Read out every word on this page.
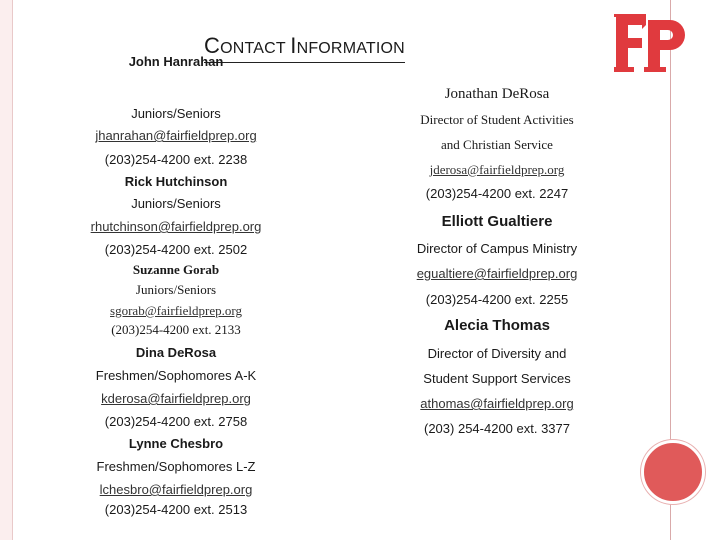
CONTACT INFORMATION
John Hanrahan
Juniors/Seniors
jhanrahan@fairfieldprep.org
(203)254-4200 ext. 2238
Rick Hutchinson
Juniors/Seniors
rhutchinson@fairfieldprep.org
(203)254-4200 ext. 2502
Suzanne Gorab
Juniors/Seniors
sgorab@fairfieldprep.org
(203)254-4200 ext. 2133
Dina DeRosa
Freshmen/Sophomores A-K
kderosa@fairfieldprep.org
(203)254-4200 ext. 2758
Lynne Chesbro
Freshmen/Sophomores L-Z
lchesbro@fairfieldprep.org
(203)254-4200 ext. 2513
Jonathan DeRosa
Director of Student Activities
and Christian Service
jderosa@fairfieldprep.org
(203)254-4200 ext. 2247
Elliott Gualtiere
Director of Campus Ministry
egualtiere@fairfieldprep.org
(203)254-4200 ext. 2255
Alecia Thomas
Director of Diversity and
Student Support Services
athomas@fairfieldprep.org
(203) 254-4200 ext. 3377
